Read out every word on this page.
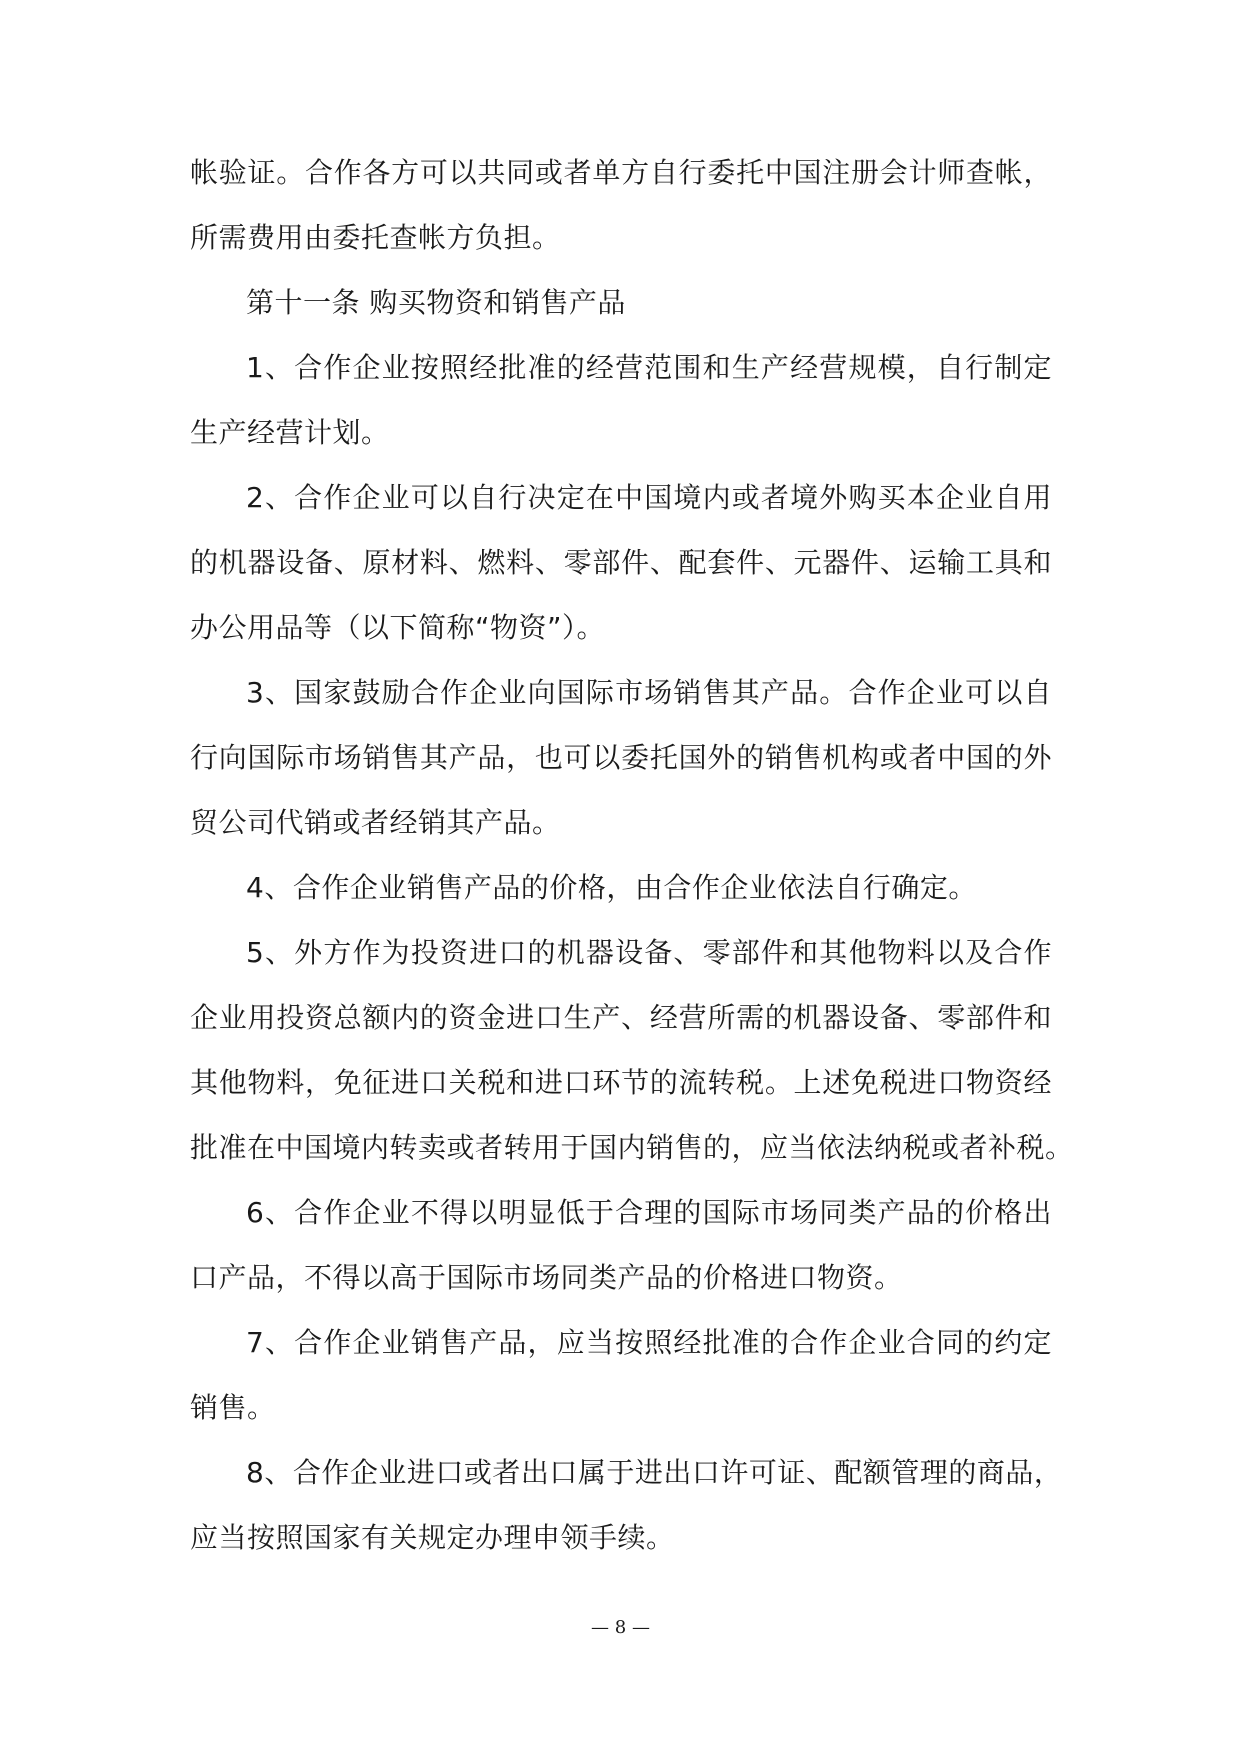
帐验证。合作各方可以共同或者单方自行委托中国注册会计师查帐，
所需费用由委托查帐方负担。
第十一条 购买物资和销售产品
1、合作企业按照经批准的经营范围和生产经营规模，自行制定
生产经营计划。
2、合作企业可以自行决定在中国境内或者境外购买本企业自用
的机器设备、原材料、燃料、零部件、配套件、元器件、运输工具和
办公用品等（以下简称“物资”）。
3、国家鼓励合作企业向国际市场销售其产品。合作企业可以自
行向国际市场销售其产品，也可以委托国外的销售机构或者中国的外
贸公司代销或者经销其产品。
4、合作企业销售产品的价格，由合作企业依法自行确定。
5、外方作为投资进口的机器设备、零部件和其他物料以及合作
企业用投资总额内的资金进口生产、经营所需的机器设备、零部件和
其他物料，免征进口关税和进口环节的流转税。上述免税进口物资经
批准在中国境内转卖或者转用于国内销售的，应当依法纳税或者补税。
6、合作企业不得以明显低于合理的国际市场同类产品的价格出
口产品，不得以高于国际市场同类产品的价格进口物资。
7、合作企业销售产品，应当按照经批准的合作企业合同的约定
销售。
8、合作企业进口或者出口属于进出口许可证、配额管理的商品，
应当按照国家有关规定办理申领手续。
— 8 —
